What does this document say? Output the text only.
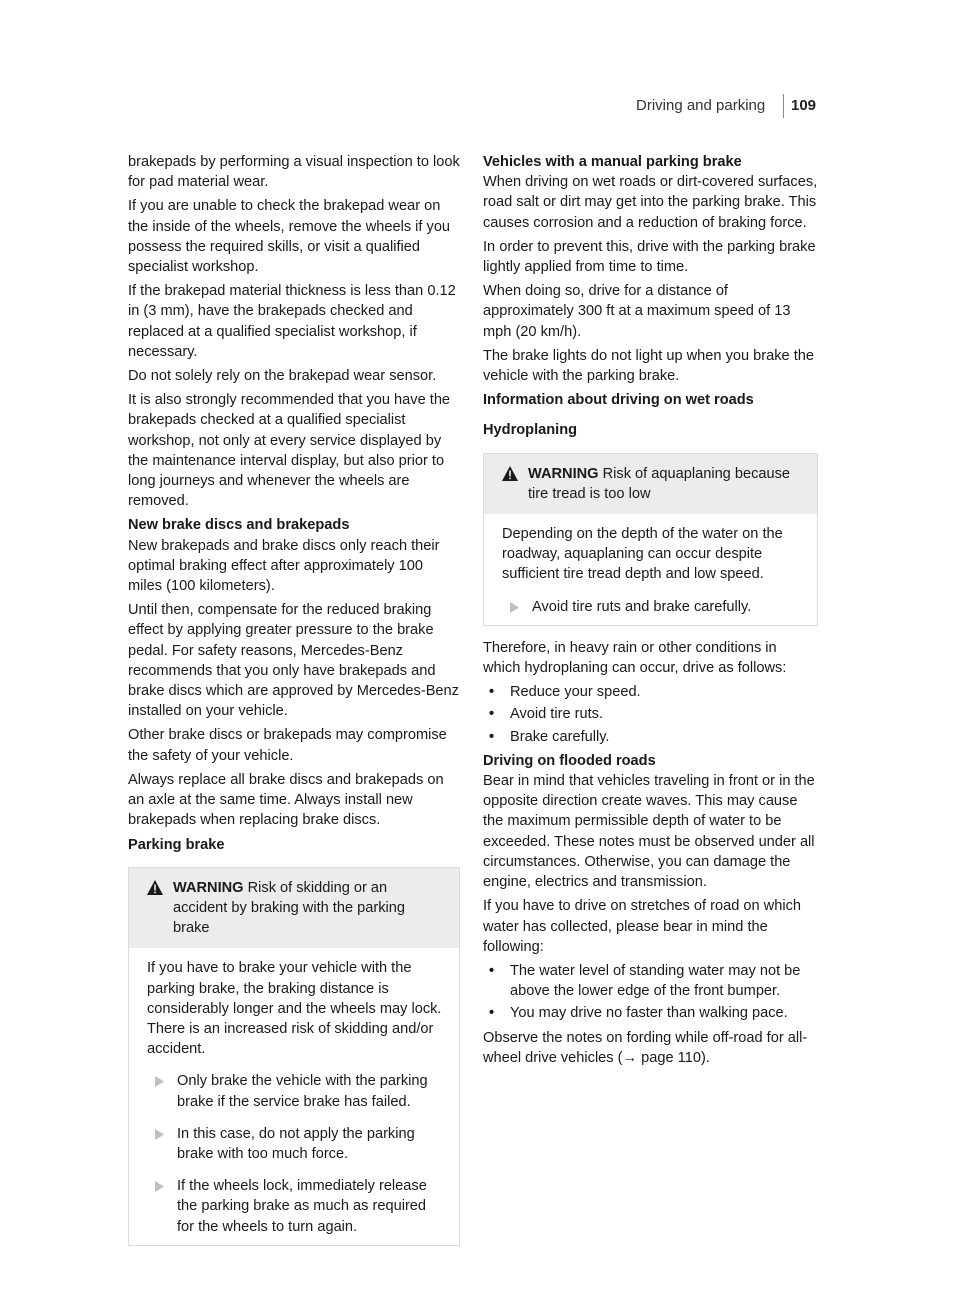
Driving and parking 109

brakepads by performing a visual inspection to look for pad material wear.

If you are unable to check the brakepad wear on the inside of the wheels, remove the wheels if you possess the required skills, or visit a qualified specialist workshop.

If the brakepad material thickness is less than 0.12 in (3 mm), have the brakepads checked and replaced at a qualified specialist workshop, if necessary.

Do not solely rely on the brakepad wear sensor.

It is also strongly recommended that you have the brakepads checked at a qualified specialist workshop, not only at every service displayed by the maintenance interval display, but also prior to long journeys and whenever the wheels are removed.

New brake discs and brakepads

New brakepads and brake discs only reach their optimal braking effect after approximately 100 miles (100 kilometers).

Until then, compensate for the reduced braking effect by applying greater pressure to the brake pedal. For safety reasons, Mercedes-Benz recommends that you only have brakepads and brake discs which are approved by Mercedes-Benz installed on your vehicle.

Other brake discs or brakepads may compromise the safety of your vehicle.

Always replace all brake discs and brakepads on an axle at the same time. Always install new brakepads when replacing brake discs.

Parking brake
WARNING Risk of skidding or an accident by braking with the parking brake

If you have to brake your vehicle with the parking brake, the braking distance is considerably longer and the wheels may lock. There is an increased risk of skidding and/or accident.

Only brake the vehicle with the parking brake if the service brake has failed.
In this case, do not apply the parking brake with too much force.
If the wheels lock, immediately release the parking brake as much as required for the wheels to turn again.
Vehicles with a manual parking brake

When driving on wet roads or dirt-covered surfaces, road salt or dirt may get into the parking brake. This causes corrosion and a reduction of braking force.

In order to prevent this, drive with the parking brake lightly applied from time to time.

When doing so, drive for a distance of approximately 300 ft at a maximum speed of 13 mph (20 km/h).

The brake lights do not light up when you brake the vehicle with the parking brake.

Information about driving on wet roads
Hydroplaning
WARNING Risk of aquaplaning because tire tread is too low

Depending on the depth of the water on the roadway, aquaplaning can occur despite sufficient tire tread depth and low speed.

Avoid tire ruts and brake carefully.

Therefore, in heavy rain or other conditions in which hydroplaning can occur, drive as follows:

•	Reduce your speed.
•	Avoid tire ruts.
•	Brake carefully.
Driving on flooded roads

Bear in mind that vehicles traveling in front or in the opposite direction create waves. This may cause the maximum permissible depth of water to be exceeded. These notes must be observed under all circumstances. Otherwise, you can damage the engine, electrics and transmission.

If you have to drive on stretches of road on which water has collected, please bear in mind the following:

•	The water level of standing water may not be above the lower edge of the front bumper.
•	You may drive no faster than walking pace.

Observe the notes on fording while off-road for all-wheel drive vehicles (→ page 110).
